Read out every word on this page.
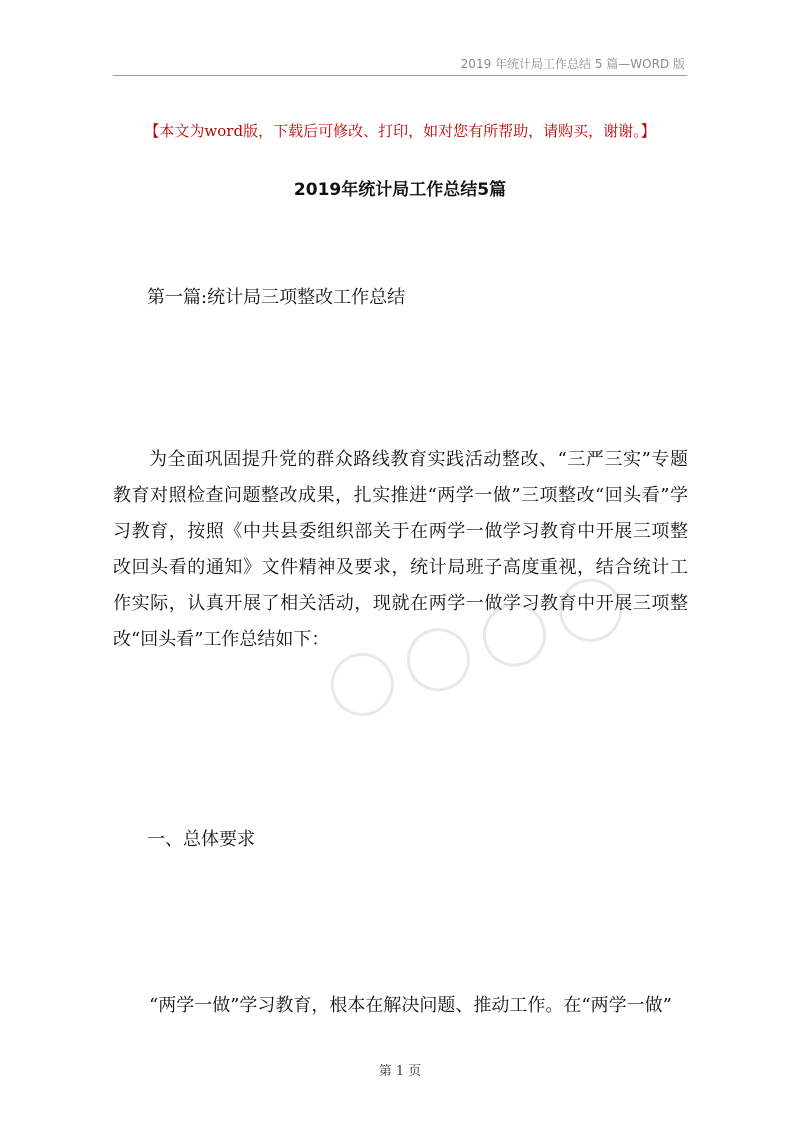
2019 年统计局工作总结 5 篇—WORD 版
【本文为word版，下载后可修改、打印，如对您有所帮助，请购买，谢谢。】
2019年统计局工作总结5篇
第一篇:统计局三项整改工作总结
为全面巩固提升党的群众路线教育实践活动整改、“三严三实”专题教育对照检查问题整改成果，扎实推进“两学一做”三项整改“回头看”学习教育，按照《中共县委组织部关于在两学一做学习教育中开展三项整改回头看的通知》文件精神及要求，统计局班子高度重视，结合统计工作实际，认真开展了相关活动，现就在两学一做学习教育中开展三项整改“回头看”工作总结如下：
一、总体要求
“两学一做”学习教育，根本在解决问题、推动工作。在“两学一做”
第 1 页
